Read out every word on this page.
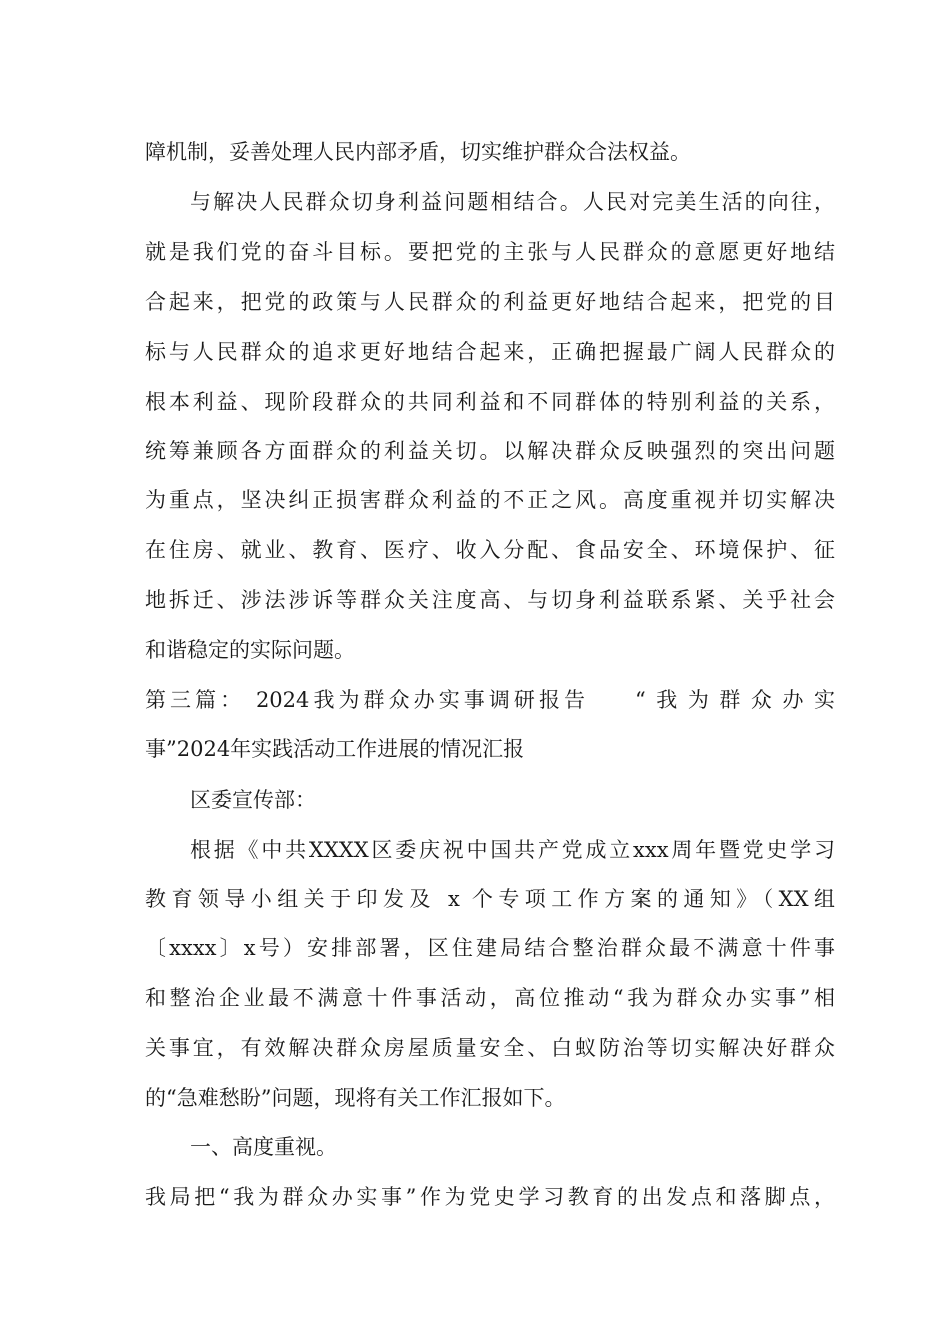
障机制，妥善处理人民内部矛盾，切实维护群众合法权益。
与解决人民群众切身利益问题相结合。人民对完美生活的向往，
就是我们党的奋斗目标。要把党的主张与人民群众的意愿更好地结
合起来，把党的政策与人民群众的利益更好地结合起来，把党的目
标与人民群众的追求更好地结合起来，正确把握最广阔人民群众的
根本利益、现阶段群众的共同利益和不同群体的特别利益的关系，
统筹兼顾各方面群众的利益关切。以解决群众反映强烈的突出问题
为重点，坚决纠正损害群众利益的不正之风。高度重视并切实解决
在住房、就业、教育、医疗、收入分配、食品安全、环境保护、征
地拆迁、涉法涉诉等群众关注度高、与切身利益联系紧、关乎社会
和谐稳定的实际问题。
第三篇： 2024我为群众办实事调研报告 “我为群众办实
事”2024年实践活动工作进展的情况汇报
区委宣传部：
根据《中共XXXX区委庆祝中国共产党成立xxx周年暨党史学习
教育领导小组关于印发及 x 个专项工作方案的通知》（XX组
〔xxxx〕x号）安排部署，区住建局结合整治群众最不满意十件事
和整治企业最不满意十件事活动，高位推动“我为群众办实事”相
关事宜，有效解决群众房屋质量安全、白蚁防治等切实解决好群众
的“急难愁盼”问题，现将有关工作汇报如下。
一、高度重视。
我局把“我为群众办实事”作为党史学习教育的出发点和落脚点，
